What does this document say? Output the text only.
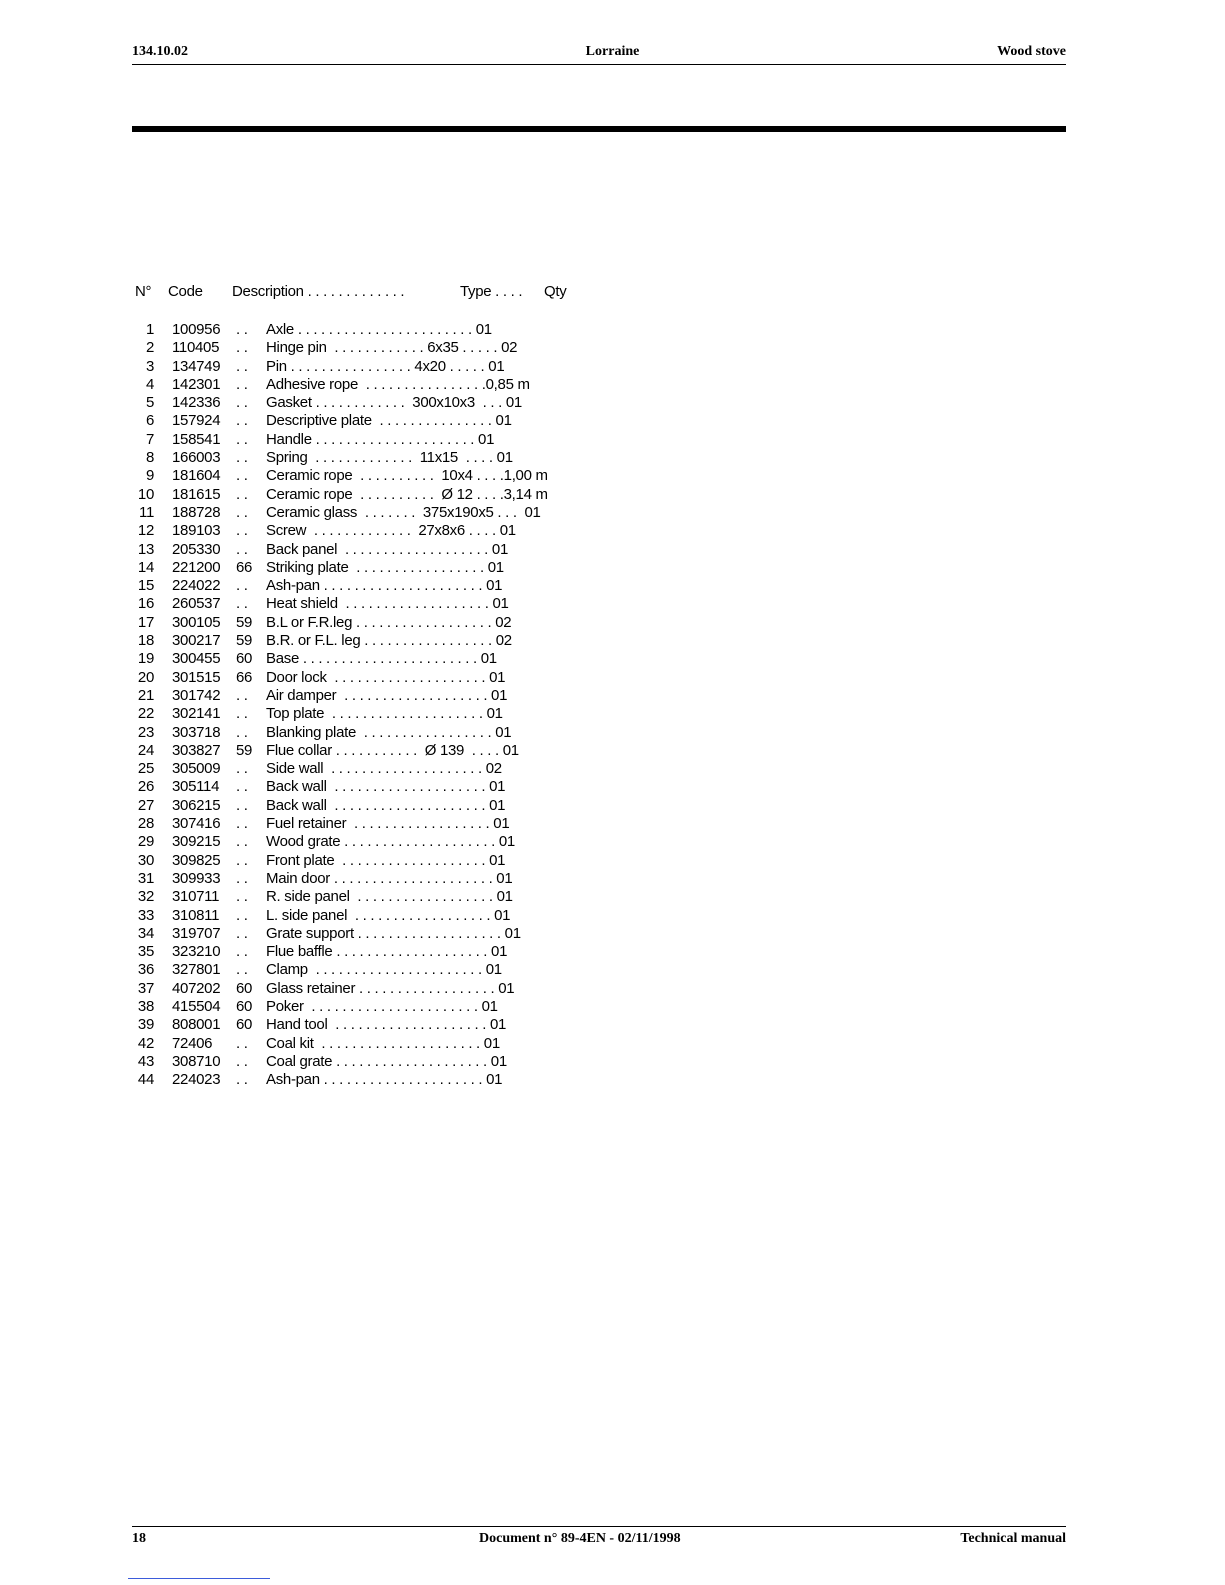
134.10.02	Lorraine	Wood stove
N° Code Description . . . . . . . . . . . . .	Type . . . . Qty
1 100956 . . Axle . . . . . . . . . . . . . . . . . . . . . . . 01
2 110405 . . Hinge pin  . . . . . . . . . . . . 6x35 . . . . . 02
3 134749 . . Pin . . . . . . . . . . . . . . . . 4x20 . . . . . 01
4 142301 . . Adhesive rope  . . . . . . . . . . . . . . . .0,85 m
5 142336 . . Gasket . . . . . . . . . . . .  300x10x3  . . . 01
6 157924 . . Descriptive plate  . . . . . . . . . . . . . . . 01
7 158541 . . Handle . . . . . . . . . . . . . . . . . . . . . 01
8 166003 . . Spring  . . . . . . . . . . . . .  11x15  . . . . 01
9 181604 . . Ceramic rope  . . . . . . . . . .  10x4 . . . .1,00 m
10 181615 . . Ceramic rope  . . . . . . . . . .  Ø 12 . . . .3,14 m
11 188728 . . Ceramic glass  . . . . . . .  375x190x5 . . .  01
12 189103 . . Screw  . . . . . . . . . . . . .  27x8x6 . . . . 01
13 205330 . . Back panel  . . . . . . . . . . . . . . . . . . . 01
14 221200 66 Striking plate  . . . . . . . . . . . . . . . . . 01
15 224022 . . Ash-pan . . . . . . . . . . . . . . . . . . . . . 01
16 260537 . . Heat shield  . . . . . . . . . . . . . . . . . . . 01
17 300105 59 B.L or F.R.leg . . . . . . . . . . . . . . . . . . 02
18 300217 59 B.R. or F.L. leg . . . . . . . . . . . . . . . . . 02
19 300455 60 Base . . . . . . . . . . . . . . . . . . . . . . . 01
20 301515 66 Door lock  . . . . . . . . . . . . . . . . . . . . 01
21 301742 . . Air damper  . . . . . . . . . . . . . . . . . . . 01
22 302141 . . Top plate  . . . . . . . . . . . . . . . . . . . . 01
23 303718 . . Blanking plate  . . . . . . . . . . . . . . . . . 01
24 303827 59 Flue collar . . . . . . . . . . .  Ø 139  . . . . 01
25 305009 . . Side wall  . . . . . . . . . . . . . . . . . . . . 02
26 305114 . . Back wall  . . . . . . . . . . . . . . . . . . . . 01
27 306215 . . Back wall  . . . . . . . . . . . . . . . . . . . . 01
28 307416 . . Fuel retainer  . . . . . . . . . . . . . . . . . . 01
29 309215 . . Wood grate . . . . . . . . . . . . . . . . . . . . 01
30 309825 . . Front plate  . . . . . . . . . . . . . . . . . . . 01
31 309933 . . Main door . . . . . . . . . . . . . . . . . . . . . 01
32 310711 . . R. side panel  . . . . . . . . . . . . . . . . . . 01
33 310811 . . L. side panel  . . . . . . . . . . . . . . . . . . 01
34 319707 . . Grate support . . . . . . . . . . . . . . . . . . . 01
35 323210 . . Flue baffle . . . . . . . . . . . . . . . . . . . . 01
36 327801 . . Clamp  . . . . . . . . . . . . . . . . . . . . . . 01
37 407202 60 Glass retainer . . . . . . . . . . . . . . . . . . 01
38 415504 60 Poker  . . . . . . . . . . . . . . . . . . . . . . 01
39 808001 60 Hand tool  . . . . . . . . . . . . . . . . . . . . 01
42 72406 . . Coal kit  . . . . . . . . . . . . . . . . . . . . . 01
43 308710 . . Coal grate . . . . . . . . . . . . . . . . . . . . 01
44 224023 . . Ash-pan . . . . . . . . . . . . . . . . . . . . . 01
18	Document n° 89-4EN - 02/11/1998	Technical manual
